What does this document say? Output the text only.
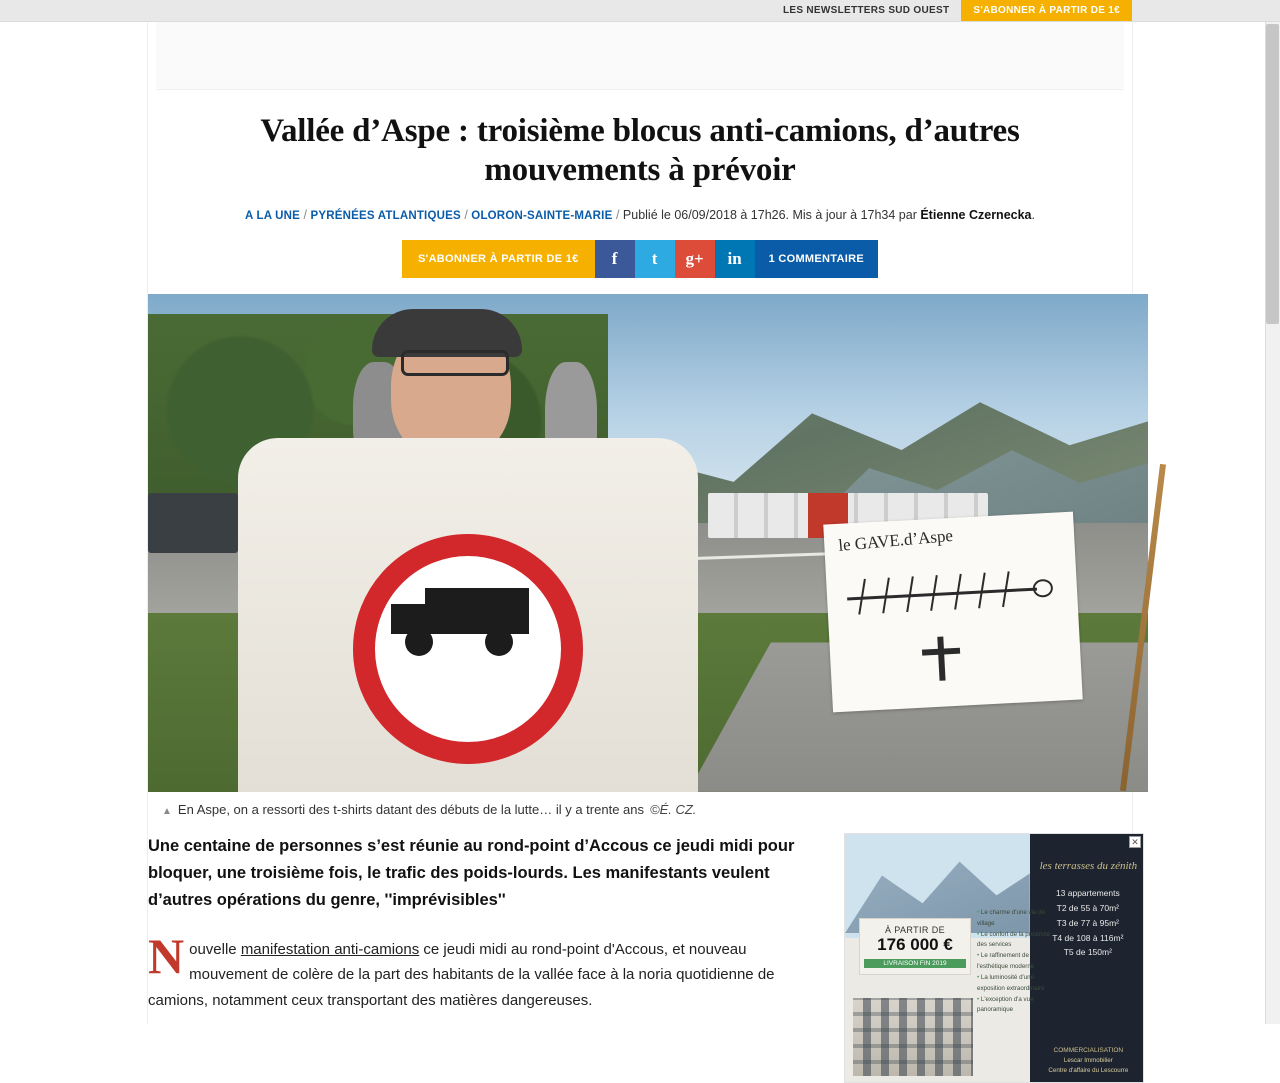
LES NEWSLETTERS SUD OUEST	S'ABONNER À PARTIR DE 1€
Vallée d’Aspe : troisième blocus anti-camions, d’autres mouvements à prévoir
A LA UNE / PYRÉNÉES ATLANTIQUES / OLORON-SAINTE-MARIE / Publié le 06/09/2018 à 17h26. Mis à jour à 17h34 par Étienne Czernecka.
S'ABONNER À PARTIR DE 1€	f t g+ in	1 COMMENTAIRE
le GAVE.d’Aspe
▲ En Aspe, on a ressorti des t-shirts datant des débuts de la lutte… il y a trente ans ©É. CZ.

Une centaine de personnes s’est réunie au rond-point d’Accous ce jeudi midi pour bloquer, une troisième fois, le trafic des poids-lourds. Les manifestants veulent d’autres opérations du genre, ''imprévisibles''

Nouvelle manifestation anti-camions ce jeudi midi au rond-point d'Accous, et nouveau mouvement de colère de la part des habitants de la vallée face à la noria quotidienne de camions, notamment ceux transportant des matières dangereuses.

les terrasses du zénith
13 appartements
T2 de 55 à 70m²
T3 de 77 à 95m²
T4 de 108 à 116m²
T5 de 150m²
À PARTIR DE
176 000 €
LIVRAISON FIN 2019
• Le charme d'une vie de village
• Le confort de la proximité des services
• Le raffinement de l'esthétique moderne
• La luminosité d'une exposition extraordinaire
• L'exception d'a vue panoramique
COMMERCIALISATION
Lescar Immobilier
Centre d'affaire du Lescourre
✕
